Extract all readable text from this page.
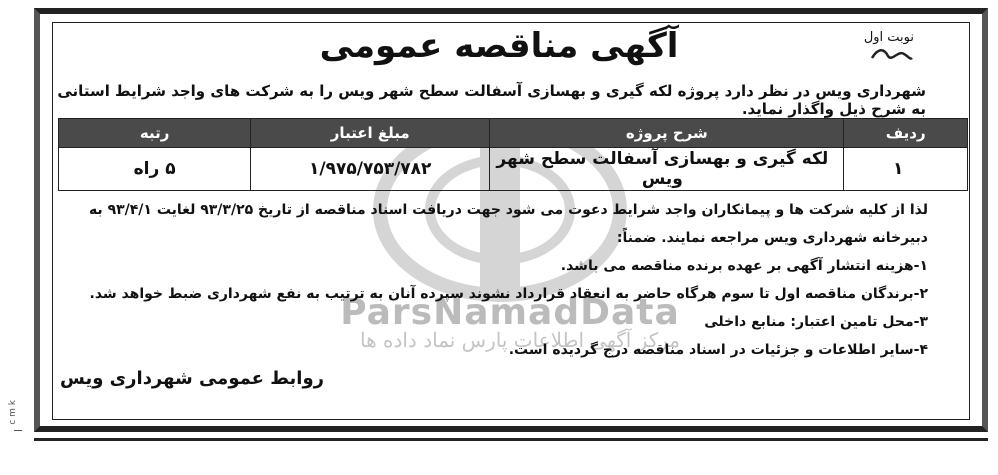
ParsNamadData
مرکز آگهی اطلاعات پارس نماد داده ها
نوبت اول
آگهی مناقصه عمومی
شهرداری ویس در نظر دارد پروژه لکه گیری و بهسازی آسفالت سطح شهر ویس را به شرکت های واجد شرایط استانی به شرح ذیل واگذار نماید.
ردیف	شرح پروژه	مبلغ اعتبار	رتبه
۱	لکه گیری و بهسازی آسفالت سطح شهر ویس	۱/۹۷۵/۷۵۳/۷۸۲	۵ راه

لذا از کلیه شرکت ها و پیمانکاران واجد شرایط دعوت می شود جهت دریافت اسناد مناقصه از تاریخ ۹۳/۳/۲۵ لغایت ۹۳/۴/۱ به دبیرخانه شهرداری ویس مراجعه نمایند. ضمناً:

۱-هزینه انتشار آگهی بر عهده برنده مناقصه می باشد.

۲-برندگان مناقصه اول تا سوم هرگاه حاضر به انعقاد قرارداد نشوند سپرده آنان به ترتیب به نفع شهرداری ضبط خواهد شد.

۳-محل تامین اعتبار: منابع داخلی

۴-سایر اطلاعات و جزئیات در اسناد مناقصه درج گردیده است.

روابط عمومی شهرداری ویس
c m k
